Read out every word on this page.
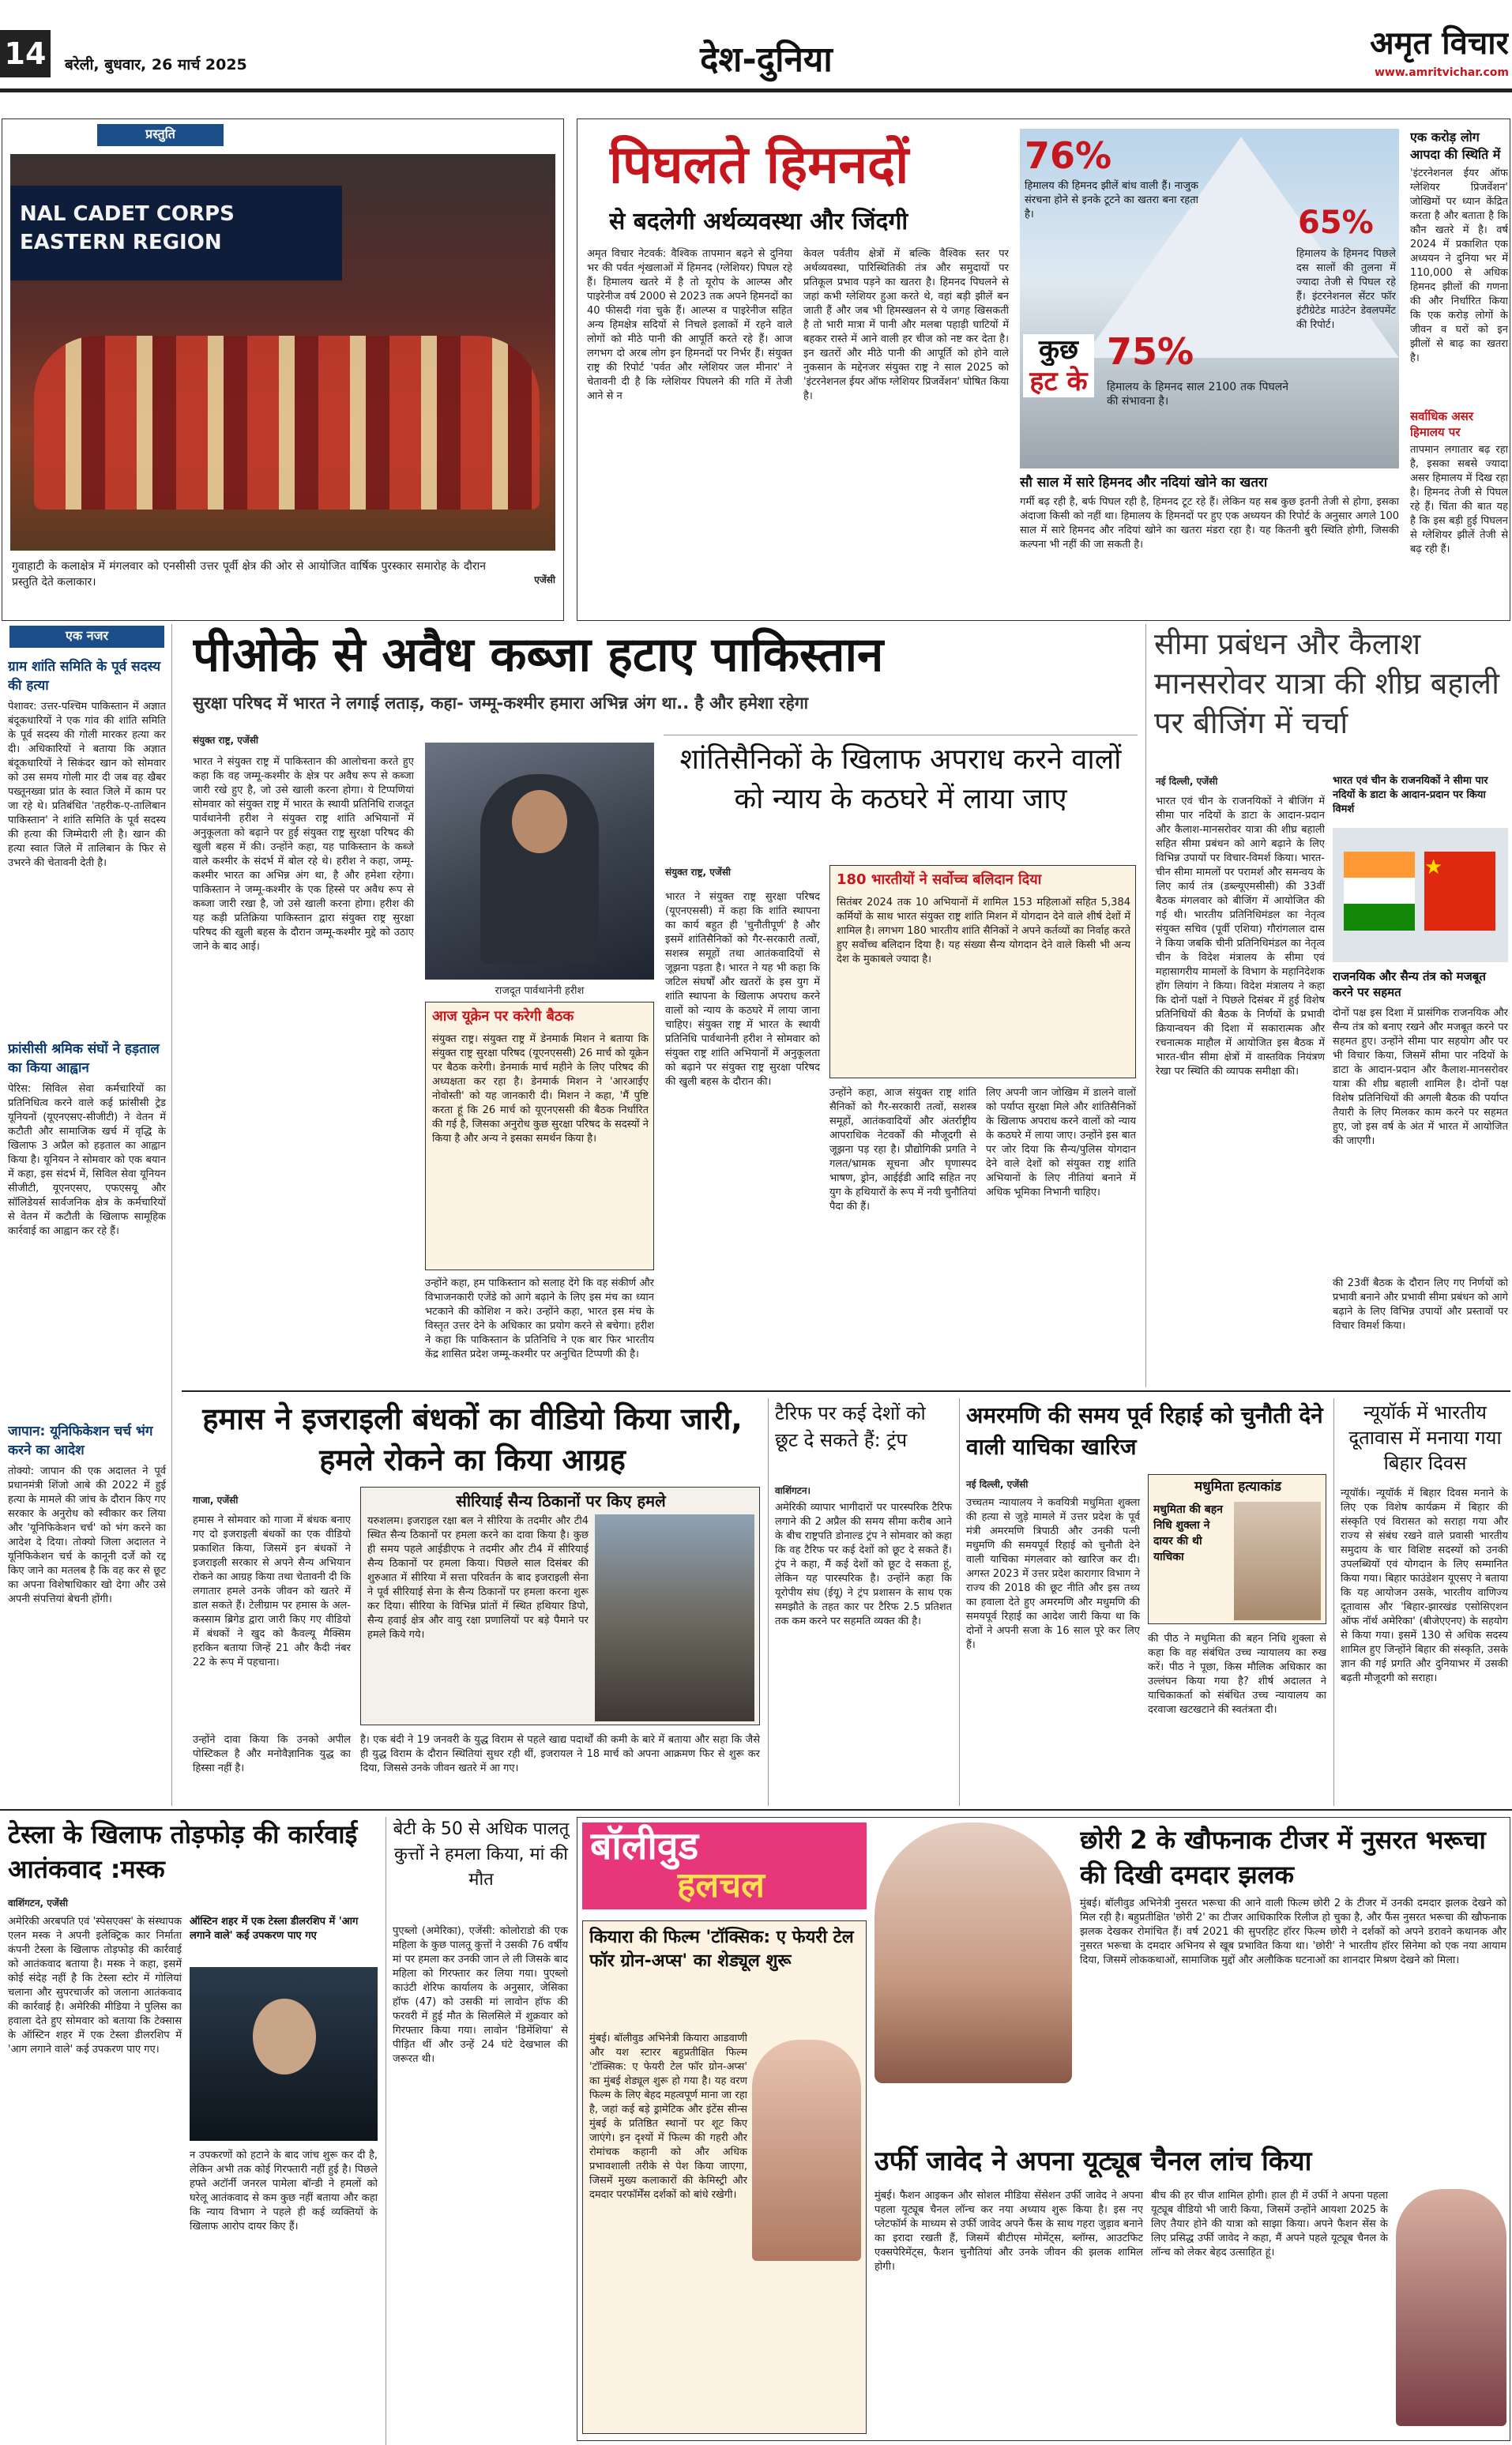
14 बरेली, बुधवार, 26 मार्च 2025	देश-दुनिया	अमृत विचार
www.amritvichar.com
प्रस्तुति
NAL CADET CORPS EASTERN REGION
गुवाहाटी के कलाक्षेत्र में मंगलवार को एनसीसी उत्तर पूर्वी क्षेत्र की ओर से आयोजित वार्षिक पुरस्कार समारोह के दौरान प्रस्तुति देते कलाकार।	एजेंसी
पिघलते हिमनदों
से बदलेगी अर्थव्यवस्था और जिंदगी
अमृत विचार नेटवर्क: वैश्विक तापमान बढ़ने से दुनिया भर की पर्वत शृंखलाओं में हिमनद (ग्लेशियर) पिघल रहे हैं। हिमालय खतरे में है तो यूरोप के आल्प्स और पाइरेनीज वर्ष 2000 से 2023 तक अपने हिमनदों का 40 फीसदी गंवा चुके हैं। आल्प्स व पाइरेनीज सहित अन्य हिमक्षेत्र सदियों से निचले इलाकों में रहने वाले लोगों को मीठे पानी की आपूर्ति करते रहे हैं। आज लगभग दो अरब लोग इन हिमनदों पर निर्भर हैं। संयुक्त राष्ट्र की रिपोर्ट 'पर्वत और ग्लेशियर जल मीनार' ने चेतावनी दी है कि ग्लेशियर पिघलने की गति में तेजी आने से न
केवल पर्वतीय क्षेत्रों में बल्कि वैश्विक स्तर पर अर्थव्यवस्था, पारिस्थितिकी तंत्र और समुदायों पर प्रतिकूल प्रभाव पड़ने का खतरा है। हिमनद पिघलने से जहां कभी ग्लेशियर हुआ करते थे, वहां बड़ी झीलें बन जाती हैं और जब भी हिमस्खलन से ये जगह खिसकती है तो भारी मात्रा में पानी और मलबा पहाड़ी घाटियों में बहकर रास्ते में आने वाली हर चीज को नष्ट कर देता है। इन खतरों और मीठे पानी की आपूर्ति को होने वाले नुकसान के मद्देनजर संयुक्त राष्ट्र ने साल 2025 को 'इंटरनेशनल ईयर ऑफ ग्लेशियर प्रिजर्वेशन' घोषित किया है।
76%
हिमालय की हिमनद झीलें बांध वाली हैं। नाजुक संरचना होने से इनके टूटने का खतरा बना रहता है।	65%
हिमालय के हिमनद पिछले दस सालों की तुलना में ज्यादा तेजी से पिघल रहे हैं। इंटरनेशनल सेंटर फॉर इंटीग्रेटेड माउंटेन डेवलपमेंट की रिपोर्ट।
कुछ
हट के
75%
हिमालय के हिमनद साल 2100 तक पिघलने की संभावना है।
सौ साल में सारे हिमनद और नदियां खोने का खतरा
गर्मी बढ़ रही है, बर्फ पिघल रही है, हिमनद टूट रहे हैं। लेकिन यह सब कुछ इतनी तेजी से होगा, इसका अंदाजा किसी को नहीं था। हिमालय के हिमनदों पर हुए एक अध्ययन की रिपोर्ट के अनुसार अगले 100 साल में सारे हिमनद और नदियां खोने का खतरा मंडरा रहा है। यह कितनी बुरी स्थिति होगी, जिसकी कल्पना भी नहीं की जा सकती है।
एक करोड़ लोग आपदा की स्थिति में
'इंटरनेशनल ईयर ऑफ ग्लेशियर प्रिजर्वेशन' जोखिमों पर ध्यान केंद्रित करता है और बताता है कि कौन खतरे में है। वर्ष 2024 में प्रकाशित एक अध्ययन ने दुनिया भर में 110,000 से अधिक हिमनद झीलों की गणना की और निर्धारित किया कि एक करोड़ लोगों के जीवन व घरों को इन झीलों से बाढ़ का खतरा है।
सर्वाधिक असर हिमालय पर
तापमान लगातार बढ़ रहा है, इसका सबसे ज्यादा असर हिमालय में दिख रहा है। हिमनद तेजी से पिघल रहे हैं। चिंता की बात यह है कि इस बड़ी हुई पिघलन से ग्लेशियर झीलें तेजी से बढ़ रही हैं।
एक नजर
ग्राम शांति समिति के पूर्व सदस्य की हत्या
पेशावर: उत्तर-पश्चिम पाकिस्तान में अज्ञात बंदूकधारियों ने एक गांव की शांति समिति के पूर्व सदस्य की गोली मारकर हत्या कर दी। अधिकारियों ने बताया कि अज्ञात बंदूकधारियों ने सिकंदर खान को सोमवार को उस समय गोली मार दी जब वह खैबर पख्तूनख्वा प्रांत के स्वात जिले में काम पर जा रहे थे। प्रतिबंधित 'तहरीक-ए-तालिबान पाकिस्तान' ने शांति समिति के पूर्व सदस्य की हत्या की जिम्मेदारी ली है। खान की हत्या स्वात जिले में तालिबान के फिर से उभरने की चेतावनी देती है।
फ्रांसीसी श्रमिक संघों ने हड़ताल का किया आह्वान
पेरिस: सिविल सेवा कर्मचारियों का प्रतिनिधित्व करने वाले कई फ्रांसीसी ट्रेड यूनियनों (यूएनएसए-सीजीटी) ने वेतन में कटौती और सामाजिक खर्च में वृद्धि के खिलाफ 3 अप्रैल को हड़ताल का आह्वान किया है। यूनियन ने सोमवार को एक बयान में कहा, इस संदर्भ में, सिविल सेवा यूनियन सीजीटी, यूएनएसए, एफएसयू और सॉलिडेयर्स सार्वजनिक क्षेत्र के कर्मचारियों से वेतन में कटौती के खिलाफ सामूहिक कार्रवाई का आह्वान कर रहे हैं।
जापान: यूनिफिकेशन चर्च भंग करने का आदेश
तोक्यो: जापान की एक अदालत ने पूर्व प्रधानमंत्री शिंजो आबे की 2022 में हुई हत्या के मामले की जांच के दौरान किए गए सरकार के अनुरोध को स्वीकार कर लिया और 'यूनिफिकेशन चर्च' को भंग करने का आदेश दे दिया। तोक्यो जिला अदालत ने यूनिफिकेशन चर्च के कानूनी दर्जे को रद्द किए जाने का मतलब है कि वह कर से छूट का अपना विशेषाधिकार खो देगा और उसे अपनी संपत्तियां बेचनी होंगी।
पीओके से अवैध कब्जा हटाए पाकिस्तान
सुरक्षा परिषद में भारत ने लगाई लताड़, कहा- जम्मू-कश्मीर हमारा अभिन्न अंग था.. है और हमेशा रहेगा
संयुक्त राष्ट्र, एजेंसी
भारत ने संयुक्त राष्ट्र में पाकिस्तान की आलोचना करते हुए कहा कि वह जम्मू-कश्मीर के क्षेत्र पर अवैध रूप से कब्जा जारी रखे हुए है, जो उसे खाली करना होगा। ये टिप्पणियां सोमवार को संयुक्त राष्ट्र में भारत के स्थायी प्रतिनिधि राजदूत पार्वथानेनी हरीश ने संयुक्त राष्ट्र शांति अभियानों में अनुकूलता को बढ़ाने पर हुई संयुक्त राष्ट्र सुरक्षा परिषद की खुली बहस में की। उन्होंने कहा, यह पाकिस्तान के कब्जे वाले कश्मीर के संदर्भ में बोल रहे थे। हरीश ने कहा, जम्मू-कश्मीर भारत का अभिन्न अंग था, है और हमेशा रहेगा। पाकिस्तान ने जम्मू-कश्मीर के एक हिस्से पर अवैध रूप से कब्जा जारी रखा है, जो उसे खाली करना होगा। हरीश की यह कड़ी प्रतिक्रिया पाकिस्तान द्वारा संयुक्त राष्ट्र सुरक्षा परिषद की खुली बहस के दौरान जम्मू-कश्मीर मुद्दे को उठाए जाने के बाद आई।
राजदूत पार्वथानेनी हरीश
आज यूक्रेन पर करेगी बैठक
संयुक्त राष्ट्र। संयुक्त राष्ट्र में डेनमार्क मिशन ने बताया कि संयुक्त राष्ट्र सुरक्षा परिषद (यूएनएससी) 26 मार्च को यूक्रेन पर बैठक करेगी। डेनमार्क मार्च महीने के लिए परिषद की अध्यक्षता कर रहा है। डेनमार्क मिशन ने 'आरआईए नोवोस्ती' को यह जानकारी दी। मिशन ने कहा, 'मैं पुष्टि करता हूं कि 26 मार्च को यूएनएससी की बैठक निर्धारित की गई है, जिसका अनुरोध कुछ सुरक्षा परिषद के सदस्यों ने किया है और अन्य ने इसका समर्थन किया है।
उन्होंने कहा, हम पाकिस्तान को सलाह देंगे कि वह संकीर्ण और विभाजनकारी एजेंडे को आगे बढ़ाने के लिए इस मंच का ध्यान भटकाने की कोशिश न करे। उन्होंने कहा, भारत इस मंच के विस्तृत उत्तर देने के अधिकार का प्रयोग करने से बचेगा। हरीश ने कहा कि पाकिस्तान के प्रतिनिधि ने एक बार फिर भारतीय केंद्र शासित प्रदेश जम्मू-कश्मीर पर अनुचित टिप्पणी की है।
शांतिसैनिकों के खिलाफ अपराध करने वालों को न्याय के कठघरे में लाया जाए
संयुक्त राष्ट्र, एजेंसी
भारत ने संयुक्त राष्ट्र सुरक्षा परिषद (यूएनएससी) में कहा कि शांति स्थापना का कार्य बहुत ही 'चुनौतीपूर्ण' है और इसमें शांतिसैनिकों को गैर-सरकारी तत्वों, सशस्त्र समूहों तथा आतंकवादियों से जूझना पड़ता है। भारत ने यह भी कहा कि जटिल संघर्षों और खतरों के इस युग में शांति स्थापना के खिलाफ अपराध करने वालों को न्याय के कठघरे में लाया जाना चाहिए। संयुक्त राष्ट्र में भारत के स्थायी प्रतिनिधि पार्वथानेनी हरीश ने सोमवार को संयुक्त राष्ट्र शांति अभियानों में अनुकूलता को बढ़ाने पर संयुक्त राष्ट्र सुरक्षा परिषद की खुली बहस के दौरान की।
180 भारतीयों ने सर्वोच्च बलिदान दिया
सितंबर 2024 तक 10 अभियानों में शामिल 153 महिलाओं सहित 5,384 कर्मियों के साथ भारत संयुक्त राष्ट्र शांति मिशन में योगदान देने वाले शीर्ष देशों में शामिल है। लगभग 180 भारतीय शांति सैनिकों ने अपने कर्तव्यों का निर्वाह करते हुए सर्वोच्च बलिदान दिया है। यह संख्या सैन्य योगदान देने वाले किसी भी अन्य देश के मुकाबले ज्यादा है।
उन्होंने कहा, आज संयुक्त राष्ट्र शांति सैनिकों को गैर-सरकारी तत्वों, सशस्त्र समूहों, आतंकवादियों और अंतर्राष्ट्रीय आपराधिक नेटवर्कों की मौजूदगी से जूझना पड़ रहा है। प्रौद्योगिकी प्रगति ने गलत/भ्रामक सूचना और घृणास्पद भाषण, ड्रोन, आईईडी आदि सहित नए युग के हथियारों के रूप में नयी चुनौतियां पैदा की हैं।
लिए अपनी जान जोखिम में डालने वालों को पर्याप्त सुरक्षा मिले और शांतिसैनिकों के खिलाफ अपराध करने वालों को न्याय के कठघरे में लाया जाए। उन्होंने इस बात पर जोर दिया कि सैन्य/पुलिस योगदान देने वाले देशों को संयुक्त राष्ट्र शांति अभियानों के लिए नीतियां बनाने में अधिक भूमिका निभानी चाहिए।
सीमा प्रबंधन और कैलाश मानसरोवर यात्रा की शीघ्र बहाली पर बीजिंग में चर्चा
नई दिल्ली, एजेंसी	भारत एवं चीन के राजनयिकों ने सीमा पार नदियों के डाटा के आदान-प्रदान पर किया विमर्श
भारत एवं चीन के राजनयिकों ने बीजिंग में सीमा पार नदियों के डाटा के आदान-प्रदान और कैलाश-मानसरोवर यात्रा की शीघ्र बहाली सहित सीमा प्रबंधन को आगे बढ़ाने के लिए विभिन्न उपायों पर विचार-विमर्श किया। भारत-चीन सीमा मामलों पर परामर्श और समन्वय के लिए कार्य तंत्र (डब्ल्यूएमसीसी) की 33वीं बैठक मंगलवार को बीजिंग में आयोजित की गई थी। भारतीय प्रतिनिधिमंडल का नेतृत्व संयुक्त सचिव (पूर्वी एशिया) गौरांगलाल दास ने किया जबकि चीनी प्रतिनिधिमंडल का नेतृत्व चीन के विदेश मंत्रालय के सीमा एवं महासागरीय मामलों के विभाग के महानिदेशक होंग लियांग ने किया। विदेश मंत्रालय ने कहा कि दोनों पक्षों ने पिछले दिसंबर में हुई विशेष प्रतिनिधियों की बैठक के निर्णयों के प्रभावी क्रियान्वयन की दिशा में सकारात्मक और रचनात्मक माहौल में आयोजित इस बैठक में भारत-चीन सीमा क्षेत्रों में वास्तविक नियंत्रण रेखा पर स्थिति की व्यापक समीक्षा की।
★
राजनयिक और सैन्य तंत्र को मजबूत करने पर सहमत
दोनों पक्ष इस दिशा में प्रासंगिक राजनयिक और सैन्य तंत्र को बनाए रखने और मजबूत करने पर सहमत हुए। उन्होंने सीमा पार सहयोग और पर भी विचार किया, जिसमें सीमा पार नदियों के डाटा के आदान-प्रदान और कैलाश-मानसरोवर यात्रा की शीघ्र बहाली शामिल है। दोनों पक्ष विशेष प्रतिनिधियों की अगली बैठक की पर्याप्त तैयारी के लिए मिलकर काम करने पर सहमत हुए, जो इस वर्ष के अंत में भारत में आयोजित की जाएगी।
की 23वीं बैठक के दौरान लिए गए निर्णयों को प्रभावी बनाने और प्रभावी सीमा प्रबंधन को आगे बढ़ाने के लिए विभिन्न उपायों और प्रस्तावों पर विचार विमर्श किया।
हमास ने इजराइली बंधकों का वीडियो किया जारी, हमले रोकने का किया आग्रह
गाजा, एजेंसी
हमास ने सोमवार को गाजा में बंधक बनाए गए दो इजराइली बंधकों का एक वीडियो प्रकाशित किया, जिसमें इन बंधकों ने इजराइली सरकार से अपने सैन्य अभियान रोकने का आग्रह किया तथा चेतावनी दी कि लगातार हमले उनके जीवन को खतरे में डाल सकते हैं। टेलीग्राम पर हमास के अल-कस्साम ब्रिगेड द्वारा जारी किए गए वीडियो में बंधकों ने खुद को कैवल्यू मैक्सिम हरकिन बताया जिन्हें 21 और कैदी नंबर 22 के रूप में पहचाना।
उन्होंने दावा किया कि उनको अपील पोस्टिकल है और मनोवैज्ञानिक युद्ध का हिस्सा नहीं है।
सीरियाई सैन्य ठिकानों पर किए हमले
यरुशलम। इजराइल रक्षा बल ने सीरिया के तदमीर और टी4 स्थित सैन्य ठिकानों पर हमला करने का दावा किया है। कुछ ही समय पहले आईडीएफ ने तदमीर और टी4 में सीरियाई सैन्य ठिकानों पर हमला किया। पिछले साल दिसंबर की शुरुआत में सीरिया में सत्ता परिवर्तन के बाद इजराइली सेना ने पूर्व सीरियाई सेना के सैन्य ठिकानों पर हमला करना शुरू कर दिया। सीरिया के विभिन्न प्रांतों में स्थित हथियार डिपो, सैन्य हवाई क्षेत्र और वायु रक्षा प्रणालियों पर बड़े पैमाने पर हमले किये गये।
है। एक बंदी ने 19 जनवरी के युद्ध विराम से पहले खाद्य पदार्थों की कमी के बारे में बताया और सहा कि जैसे ही युद्ध विराम के दौरान स्थितियां सुधर रही थीं, इजरायल ने 18 मार्च को अपना आक्रमण फिर से शुरू कर दिया, जिससे उनके जीवन खतरे में आ गए।
टैरिफ पर कई देशों को छूट दे सकते हैं: ट्रंप
वाशिंगटन।
अमेरिकी व्यापार भागीदारों पर पारस्परिक टैरिफ लगाने की 2 अप्रैल की समय सीमा करीब आने के बीच राष्ट्रपति डोनाल्ड ट्रंप ने सोमवार को कहा कि वह टैरिफ पर कई देशों को छूट दे सकते हैं। ट्रंप ने कहा, मैं कई देशों को छूट दे सकता हूं, लेकिन यह पारस्परिक है। उन्होंने कहा कि यूरोपीय संघ (ईयू) ने ट्रंप प्रशासन के साथ एक समझौते के तहत कार पर टैरिफ 2.5 प्रतिशत तक कम करने पर सहमति व्यक्त की है।
अमरमणि की समय पूर्व रिहाई को चुनौती देने वाली याचिका खारिज
नई दिल्ली, एजेंसी
उच्चतम न्यायालय ने कवयित्री मधुमिता शुक्ला की हत्या से जुड़े मामले में उत्तर प्रदेश के पूर्व मंत्री अमरमणि त्रिपाठी और उनकी पत्नी मधुमणि की समयपूर्व रिहाई को चुनौती देने वाली याचिका मंगलवार को खारिज कर दी। अगस्त 2023 में उत्तर प्रदेश कारागार विभाग ने राज्य की 2018 की छूट नीति और इस तथ्य का हवाला देते हुए अमरमणि और मधुमणि की समयपूर्व रिहाई का आदेश जारी किया था कि दोनों ने अपनी सजा के 16 साल पूरे कर लिए हैं।
मधुमिता हत्याकांड
मधुमिता की बहन निधि शुक्ला ने दायर की थी याचिका
की पीठ ने मधुमिता की बहन निधि शुक्ला से कहा कि वह संबंधित उच्च न्यायालय का रुख करें। पीठ ने पूछा, किस मौलिक अधिकार का उल्लंघन किया गया है? शीर्ष अदालत ने याचिकाकर्ता को संबंधित उच्च न्यायालय का दरवाजा खटखटाने की स्वतंत्रता दी।
न्यूयॉर्क में भारतीय दूतावास में मनाया गया बिहार दिवस
न्यूयॉर्क। न्यूयॉर्क में बिहार दिवस मनाने के लिए एक विशेष कार्यक्रम में बिहार की संस्कृति एवं विरासत को सराहा गया और राज्य से संबंध रखने वाले प्रवासी भारतीय समुदाय के चार विशिष्ट सदस्यों को उनकी उपलब्धियों एवं योगदान के लिए सम्मानित किया गया। बिहार फाउंडेशन यूएसए ने बताया कि यह आयोजन उसके, भारतीय वाणिज्य दूतावास और 'बिहार-झारखंड एसोसिएशन ऑफ नॉर्थ अमेरिका' (बीजेएएनए) के सहयोग से किया गया। इसमें 130 से अधिक सदस्य शामिल हुए जिन्होंने बिहार की संस्कृति, उसके ज्ञान की गई प्रगति और दुनियाभर में उसकी बढ़ती मौजूदगी को सराहा।
टेस्ला के खिलाफ तोड़फोड़ की कार्रवाई आतंकवाद :मस्क
वाशिंगटन, एजेंसी
अमेरिकी अरबपति एवं 'स्पेसएक्स' के संस्थापक एलन मस्क ने अपनी इलेक्ट्रिक कार निर्माता कंपनी टेस्ला के खिलाफ तोड़फोड़ की कार्रवाई को आतंकवाद बताया है। मस्क ने कहा, इसमें कोई संदेह नहीं है कि टेस्ला स्टोर में गोलियां चलाना और सुपरचार्जर को जलाना आतंकवाद की कार्रवाई है। अमेरिकी मीडिया ने पुलिस का हवाला देते हुए सोमवार को बताया कि टेक्सास के ऑस्टिन शहर में एक टेस्ला डीलरशिप में 'आग लगाने वाले' कई उपकरण पाए गए।
ऑस्टिन शहर में एक टेस्ला डीलरशिप में 'आग लगाने वाले' कई उपकरण पाए गए
न उपकरणों को हटाने के बाद जांच शुरू कर दी है, लेकिन अभी तक कोई गिरफ्तारी नहीं हुई है। पिछले हफ्ते अटॉर्नी जनरल पामेला बॉन्डी ने हमलों को घरेलू आतंकवाद से कम कुछ नहीं बताया और कहा कि न्याय विभाग ने पहले ही कई व्यक्तियों के खिलाफ आरोप दायर किए हैं।
बेटी के 50 से अधिक पालतू कुत्तों ने हमला किया, मां की मौत
पुएब्लो (अमेरिका), एजेंसी: कोलोराडो की एक महिला के कुछ पालतू कुत्तों ने उसकी 76 वर्षीय मां पर हमला कर उनकी जान ले ली जिसके बाद महिला को गिरफ्तार कर लिया गया। पुएब्लो काउंटी शेरिफ कार्यालय के अनुसार, जेसिका हॉफ (47) को उसकी मां लावोन हॉफ की फरवरी में हुई मौत के सिलसिले में शुक्रवार को गिरफ्तार किया गया। लावोन 'डिमेंशिया' से पीड़ित थीं और उन्हें 24 घंटे देखभाल की जरूरत थी।
बॉलीवुड
हलचल
कियारा की फिल्म 'टॉक्सिक: ए फेयरी टेल फॉर ग्रोन-अप्स' का शेड्यूल शुरू
मुंबई। बॉलीवुड अभिनेत्री कियारा आडवाणी और यश स्टारर बहुप्रतीक्षित फिल्म 'टॉक्सिक: ए फेयरी टेल फॉर ग्रोन-अप्स' का मुंबई शेड्यूल शुरू हो गया है। यह वरण फिल्म के लिए बेहद महत्वपूर्ण माना जा रहा है, जहां कई बड़े ड्रामेटिक और इंटेंस सीन्स मुंबई के प्रतिष्ठित स्थानों पर शूट किए जाएंगे। इन दृश्यों में फिल्म की गहरी और रोमांचक कहानी को और अधिक प्रभावशाली तरीके से पेश किया जाएगा, जिसमें मुख्य कलाकारों की केमिस्ट्री और दमदार परफॉर्मेंस दर्शकों को बांधे रखेगी।
छोरी 2 के खौफनाक टीजर में नुसरत भरूचा की दिखी दमदार झलक
मुंबई। बॉलीवुड अभिनेत्री नुसरत भरूचा की आने वाली फिल्म छोरी 2 के टीजर में उनकी दमदार झलक देखने को मिल रही है। बहुप्रतीक्षित 'छोरी 2' का टीजर आधिकारिक रिलीज हो चुका है, और फैंस नुसरत भरूचा की खौफनाक झलक देखकर रोमांचित हैं। वर्ष 2021 की सुपरहिट हॉरर फिल्म छोरी ने दर्शकों को अपने डरावने कथानक और नुसरत भरूचा के दमदार अभिनय से खूब प्रभावित किया था। 'छोरी' ने भारतीय हॉरर सिनेमा को एक नया आयाम दिया, जिसमें लोककथाओं, सामाजिक मुद्दों और अलौकिक घटनाओं का शानदार मिश्रण देखने को मिला।
उर्फी जावेद ने अपना यूट्यूब चैनल लांच किया
मुंबई। फैशन आइकन और सोशल मीडिया सेंसेशन उर्फी जावेद ने अपना पहला यूट्यूब चैनल लॉन्च कर नया अध्याय शुरू किया है। इस नए प्लेटफॉर्म के माध्यम से उर्फी जावेद अपने फैंस के साथ गहरा जुड़ाव बनाने का इरादा रखती हैं, जिसमें बीटीएस मोमेंट्स, ब्लॉग्स, आउटफिट एक्सपेरिमेंट्स, फैशन चुनौतियां और उनके जीवन की झलक शामिल होगी।
बीच की हर चीज शामिल होगी। हाल ही में उर्फी ने अपना पहला यूट्यूब वीडियो भी जारी किया, जिसमें उन्होंने आयशा 2025 के लिए तैयार होने की यात्रा को साझा किया। अपने फैशन सेंस के लिए प्रसिद्ध उर्फी जावेद ने कहा, मैं अपने पहले यूट्यूब चैनल के लॉन्च को लेकर बेहद उत्साहित हूं।
